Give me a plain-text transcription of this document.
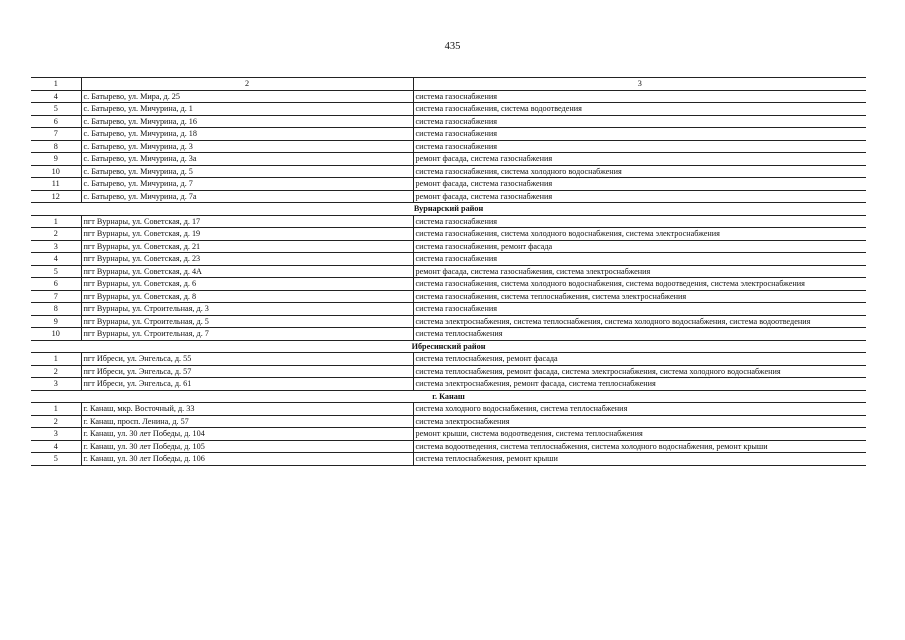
435
1	2	3
4	с. Батырево, ул. Мира, д. 25	система газоснабжения
5	с. Батырево, ул. Мичурина, д. 1	система газоснабжения, система водоотведения
6	с. Батырево, ул. Мичурина, д. 16	система газоснабжения
7	с. Батырево, ул. Мичурина, д. 18	система газоснабжения
8	с. Батырево, ул. Мичурина, д. 3	система газоснабжения
9	с. Батырево, ул. Мичурина, д. 3а	ремонт фасада, система газоснабжения
10	с. Батырево, ул. Мичурина, д. 5	система газоснабжения, система холодного водоснабжения
11	с. Батырево, ул. Мичурина, д. 7	ремонт фасада, система газоснабжения
12	с. Батырево, ул. Мичурина, д. 7а	ремонт фасада, система газоснабжения
Вурнарский район		
1	пгт Вурнары, ул. Советская, д. 17	система газоснабжения
2	пгт Вурнары, ул. Советская, д. 19	система газоснабжения, система холодного водоснабжения, система электроснабжения
3	пгт Вурнары, ул. Советская, д. 21	система газоснабжения, ремонт фасада
4	пгт Вурнары, ул. Советская, д. 23	система газоснабжения
5	пгт Вурнары, ул. Советская, д. 4А	ремонт фасада, система газоснабжения, система электроснабжения
6	пгт Вурнары, ул. Советская, д. 6	система газоснабжения, система холодного водоснабжения, система водоотведения, система электроснабжения
7	пгт Вурнары, ул. Советская, д. 8	система газоснабжения, система теплоснабжения, система электроснабжения
8	пгт Вурнары, ул. Строительная, д. 3	система газоснабжения
9	пгт Вурнары, ул. Строительная, д. 5	система электроснабжения, система теплоснабжения, система холодного водоснабжения, система водоотведения
10	пгт Вурнары, ул. Строительная, д. 7	система теплоснабжения
Ибресинский район		
1	пгт Ибреси, ул. Энгельса, д. 55	система теплоснабжения, ремонт фасада
2	пгт Ибреси, ул. Энгельса, д. 57	система теплоснабжения, ремонт фасада, система электроснабжения, система холодного водоснабжения
3	пгт Ибреси, ул. Энгельса, д. 61	система электроснабжения, ремонт фасада, система теплоснабжения
г. Канаш		
1	г. Канаш, мкр. Восточный, д. 33	система холодного водоснабжения, система теплоснабжения
2	г. Канаш, просп. Ленина, д. 57	система электроснабжения
3	г. Канаш, ул. 30 лет Победы, д. 104	ремонт крыши, система водоотведения, система теплоснабжения
4	г. Канаш, ул. 30 лет Победы, д. 105	система водоотведения, система теплоснабжения, система холодного водоснабжения, ремонт крыши
5	г. Канаш, ул. 30 лет Победы, д. 106	система теплоснабжения, ремонт крыши
